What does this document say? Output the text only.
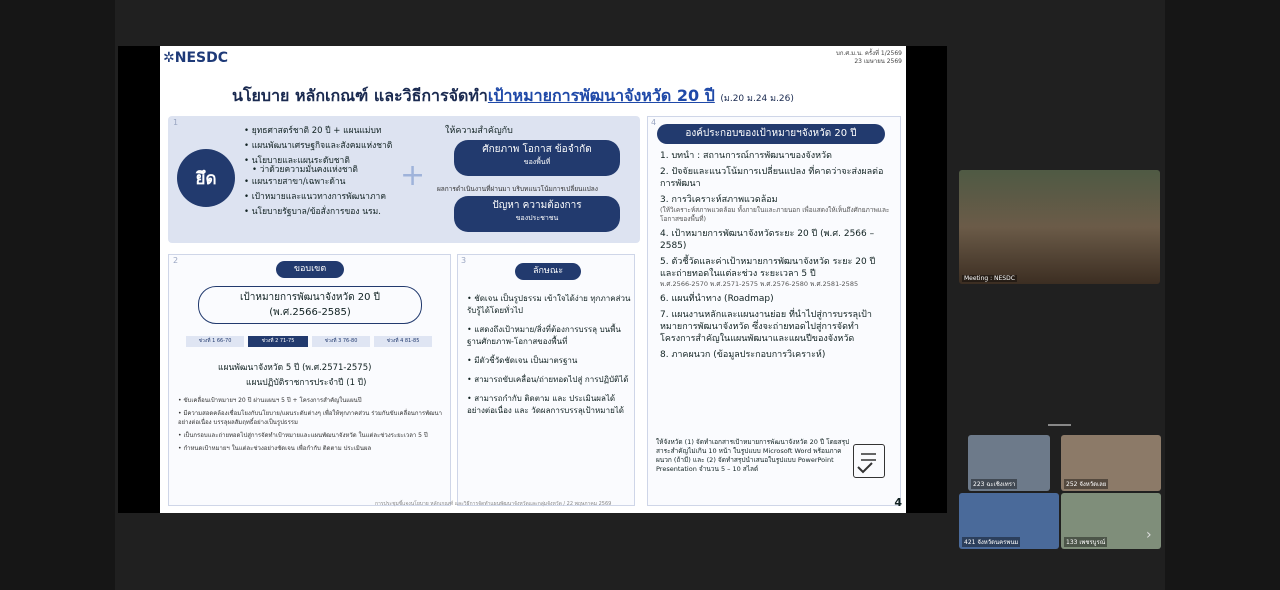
✲NESDC	บก.ศ.ม.น. ครั้งที่ 1/2569
23 เมษายน 2569
นโยบาย หลักเกณฑ์ และวิธีการจัดทำเป้าหมายการพัฒนาจังหวัด 20 ปี (ม.20 ม.24 ม.26)
1
ยึด
• ยุทธศาสตร์ชาติ 20 ปี + แผนแม่บท
• แผนพัฒนาเศรษฐกิจและสังคมแห่งชาติ
• นโยบายและแผนระดับชาติ
• ว่าด้วยความมั่นคงแห่งชาติ
• แผนรายสาขา/เฉพาะด้าน
• เป้าหมายและแนวทางการพัฒนาภาค
• นโยบายรัฐบาล/ข้อสั่งการของ นรม.
+
ให้ความสำคัญกับ
ศักยภาพ โอกาส ข้อจำกัด
ของพื้นที่
ผลการดำเนินงานที่ผ่านมา บริบทแนวโน้มการเปลี่ยนแปลง
ปัญหา ความต้องการ
ของประชาชน
2
ขอบเขต
เป้าหมายการพัฒนาจังหวัด 20 ปี
(พ.ศ.2566-2585)
ช่วงที่ 1 66-70	ช่วงที่ 2 71-75	ช่วงที่ 3 76-80	ช่วงที่ 4 81-85
แผนพัฒนาจังหวัด 5 ปี (พ.ศ.2571-2575)
แผนปฏิบัติราชการประจำปี (1 ปี)
• ขับเคลื่อนเป้าหมายฯ 20 ปี ผ่านแผนฯ 5 ปี + โครงการสำคัญในแผนปี
• มีความสอดคล้องเชื่อมโยงกับนโยบาย/แผนระดับต่างๆ เพื่อให้ทุกภาคส่วน ร่วมกันขับเคลื่อนการพัฒนาอย่างต่อเนื่อง บรรลุผลสัมฤทธิ์อย่างเป็นรูปธรรม
• เป็นกรอบและถ่ายทอดไปสู่การจัดทำเป้าหมายและแผนพัฒนาจังหวัด ในแต่ละช่วงระยะเวลา 5 ปี
• กำหนดเป้าหมายฯ ในแต่ละช่วงอย่างชัดเจน เพื่อกำกับ ติดตาม ประเมินผล
3
ลักษณะ
• ชัดเจน เป็นรูปธรรม เข้าใจได้ง่าย ทุกภาคส่วนรับรู้ได้โดยทั่วไป
• แสดงถึงเป้าหมาย/สิ่งที่ต้องการบรรลุ บนพื้นฐานศักยภาพ-โอกาสของพื้นที่
• มีตัวชี้วัดชัดเจน เป็นมาตรฐาน
• สามารถขับเคลื่อน/ถ่ายทอดไปสู่ การปฏิบัติได้
• สามารถกำกับ ติดตาม และ ประเมินผลได้อย่างต่อเนื่อง และ วัดผลการบรรลุเป้าหมายได้
4
องค์ประกอบของเป้าหมายฯจังหวัด 20 ปี
1. บทนำ : สถานการณ์การพัฒนาของจังหวัด
2. ปัจจัยและแนวโน้มการเปลี่ยนแปลง ที่คาดว่าจะส่งผลต่อการพัฒนา
3. การวิเคราะห์สภาพแวดล้อม
(ให้วิเคราะห์สภาพแวดล้อม ทั้งภายในและภายนอก เพื่อแสดงให้เห็นถึงศักยภาพและโอกาสของพื้นที่)
4. เป้าหมายการพัฒนาจังหวัดระยะ 20 ปี (พ.ศ. 2566 – 2585)
5. ตัวชี้วัดและค่าเป้าหมายการพัฒนาจังหวัด ระยะ 20 ปี และถ่ายทอดในแต่ละช่วง ระยะเวลา 5 ปี
พ.ศ.2566-2570 พ.ศ.2571-2575 พ.ศ.2576-2580 พ.ศ.2581-2585
6. แผนที่นำทาง (Roadmap)
7. แผนงานหลักและแผนงานย่อย ที่นำไปสู่การบรรลุเป้าหมายการพัฒนาจังหวัด ซึ่งจะถ่ายทอดไปสู่การจัดทำโครงการสำคัญในแผนพัฒนาและแผนปีของจังหวัด
8. ภาคผนวก (ข้อมูลประกอบการวิเคราะห์)
ให้จังหวัด (1) จัดทำเอกสารเป้าหมายการพัฒนาจังหวัด 20 ปี โดยสรุปสาระสำคัญไม่เกิน 10 หน้า ในรูปแบบ Microsoft Word พร้อมภาคผนวก (ถ้ามี) และ (2) จัดทำสรุปนำเสนอในรูปแบบ PowerPoint Presentation จำนวน 5 – 10 สไลด์
การประชุมชี้แจงนโยบาย หลักเกณฑ์ และวิธีการจัดทำแผนพัฒนาจังหวัดและกลุ่มจังหวัด / 22 พฤษภาคม 2569	4
Meeting : NESDC
223 ฉะเชิงเทรา	252 จังหวัดเลย
421 จังหวัดนครพนม	133 เพชรบูรณ์	›
